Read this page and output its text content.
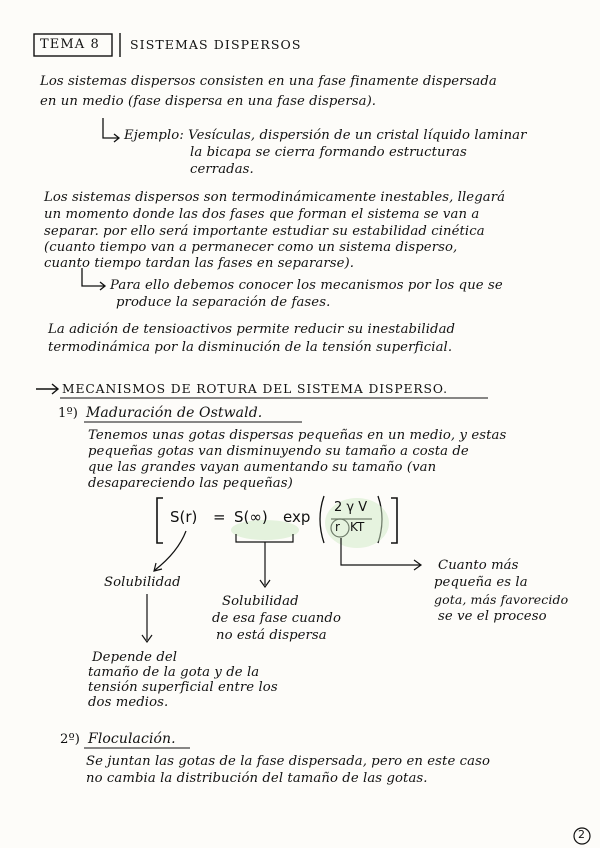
TEMA 8 SISTEMAS DISPERSOS
Los sistemas dispersos consisten en una fase finamente dispersada
en un medio (fase dispersa en una fase dispersa).
Ejemplo: Vesículas, dispersión de un cristal líquido laminar
la bicapa se cierra formando estructuras
cerradas.
Los sistemas dispersos son termodinámicamente inestables, llegará
un momento donde las dos fases que forman el sistema se van a
separar. por ello será importante estudiar su estabilidad cinética
(cuanto tiempo van a permanecer como un sistema disperso,
cuanto tiempo tardan las fases en separarse).
Para ello debemos conocer los mecanismos por los que se
produce la separación de fases.
La adición de tensioactivos permite reducir su inestabilidad
termodinámica por la disminución de la tensión superficial.
MECANISMOS DE ROTURA DEL SISTEMA DISPERSO.
1º) Maduración de Ostwald.
Tenemos unas gotas dispersas pequeñas en un medio, y estas
pequeñas gotas van disminuyendo su tamaño a costa de
que las grandes vayan aumentando su tamaño (van
desapareciendo las pequeñas)
S(r) = S(∞) exp
2 γ V
r KT
Solubilidad
Solubilidad
de esa fase cuando
no está dispersa
Cuanto más
pequeña es la
gota, más favorecido
se ve el proceso
Depende del
tamaño de la gota y de la
tensión superficial entre los
dos medios.
2º) Floculación.
Se juntan las gotas de la fase dispersada, pero en este caso
no cambia la distribución del tamaño de las gotas.
2
